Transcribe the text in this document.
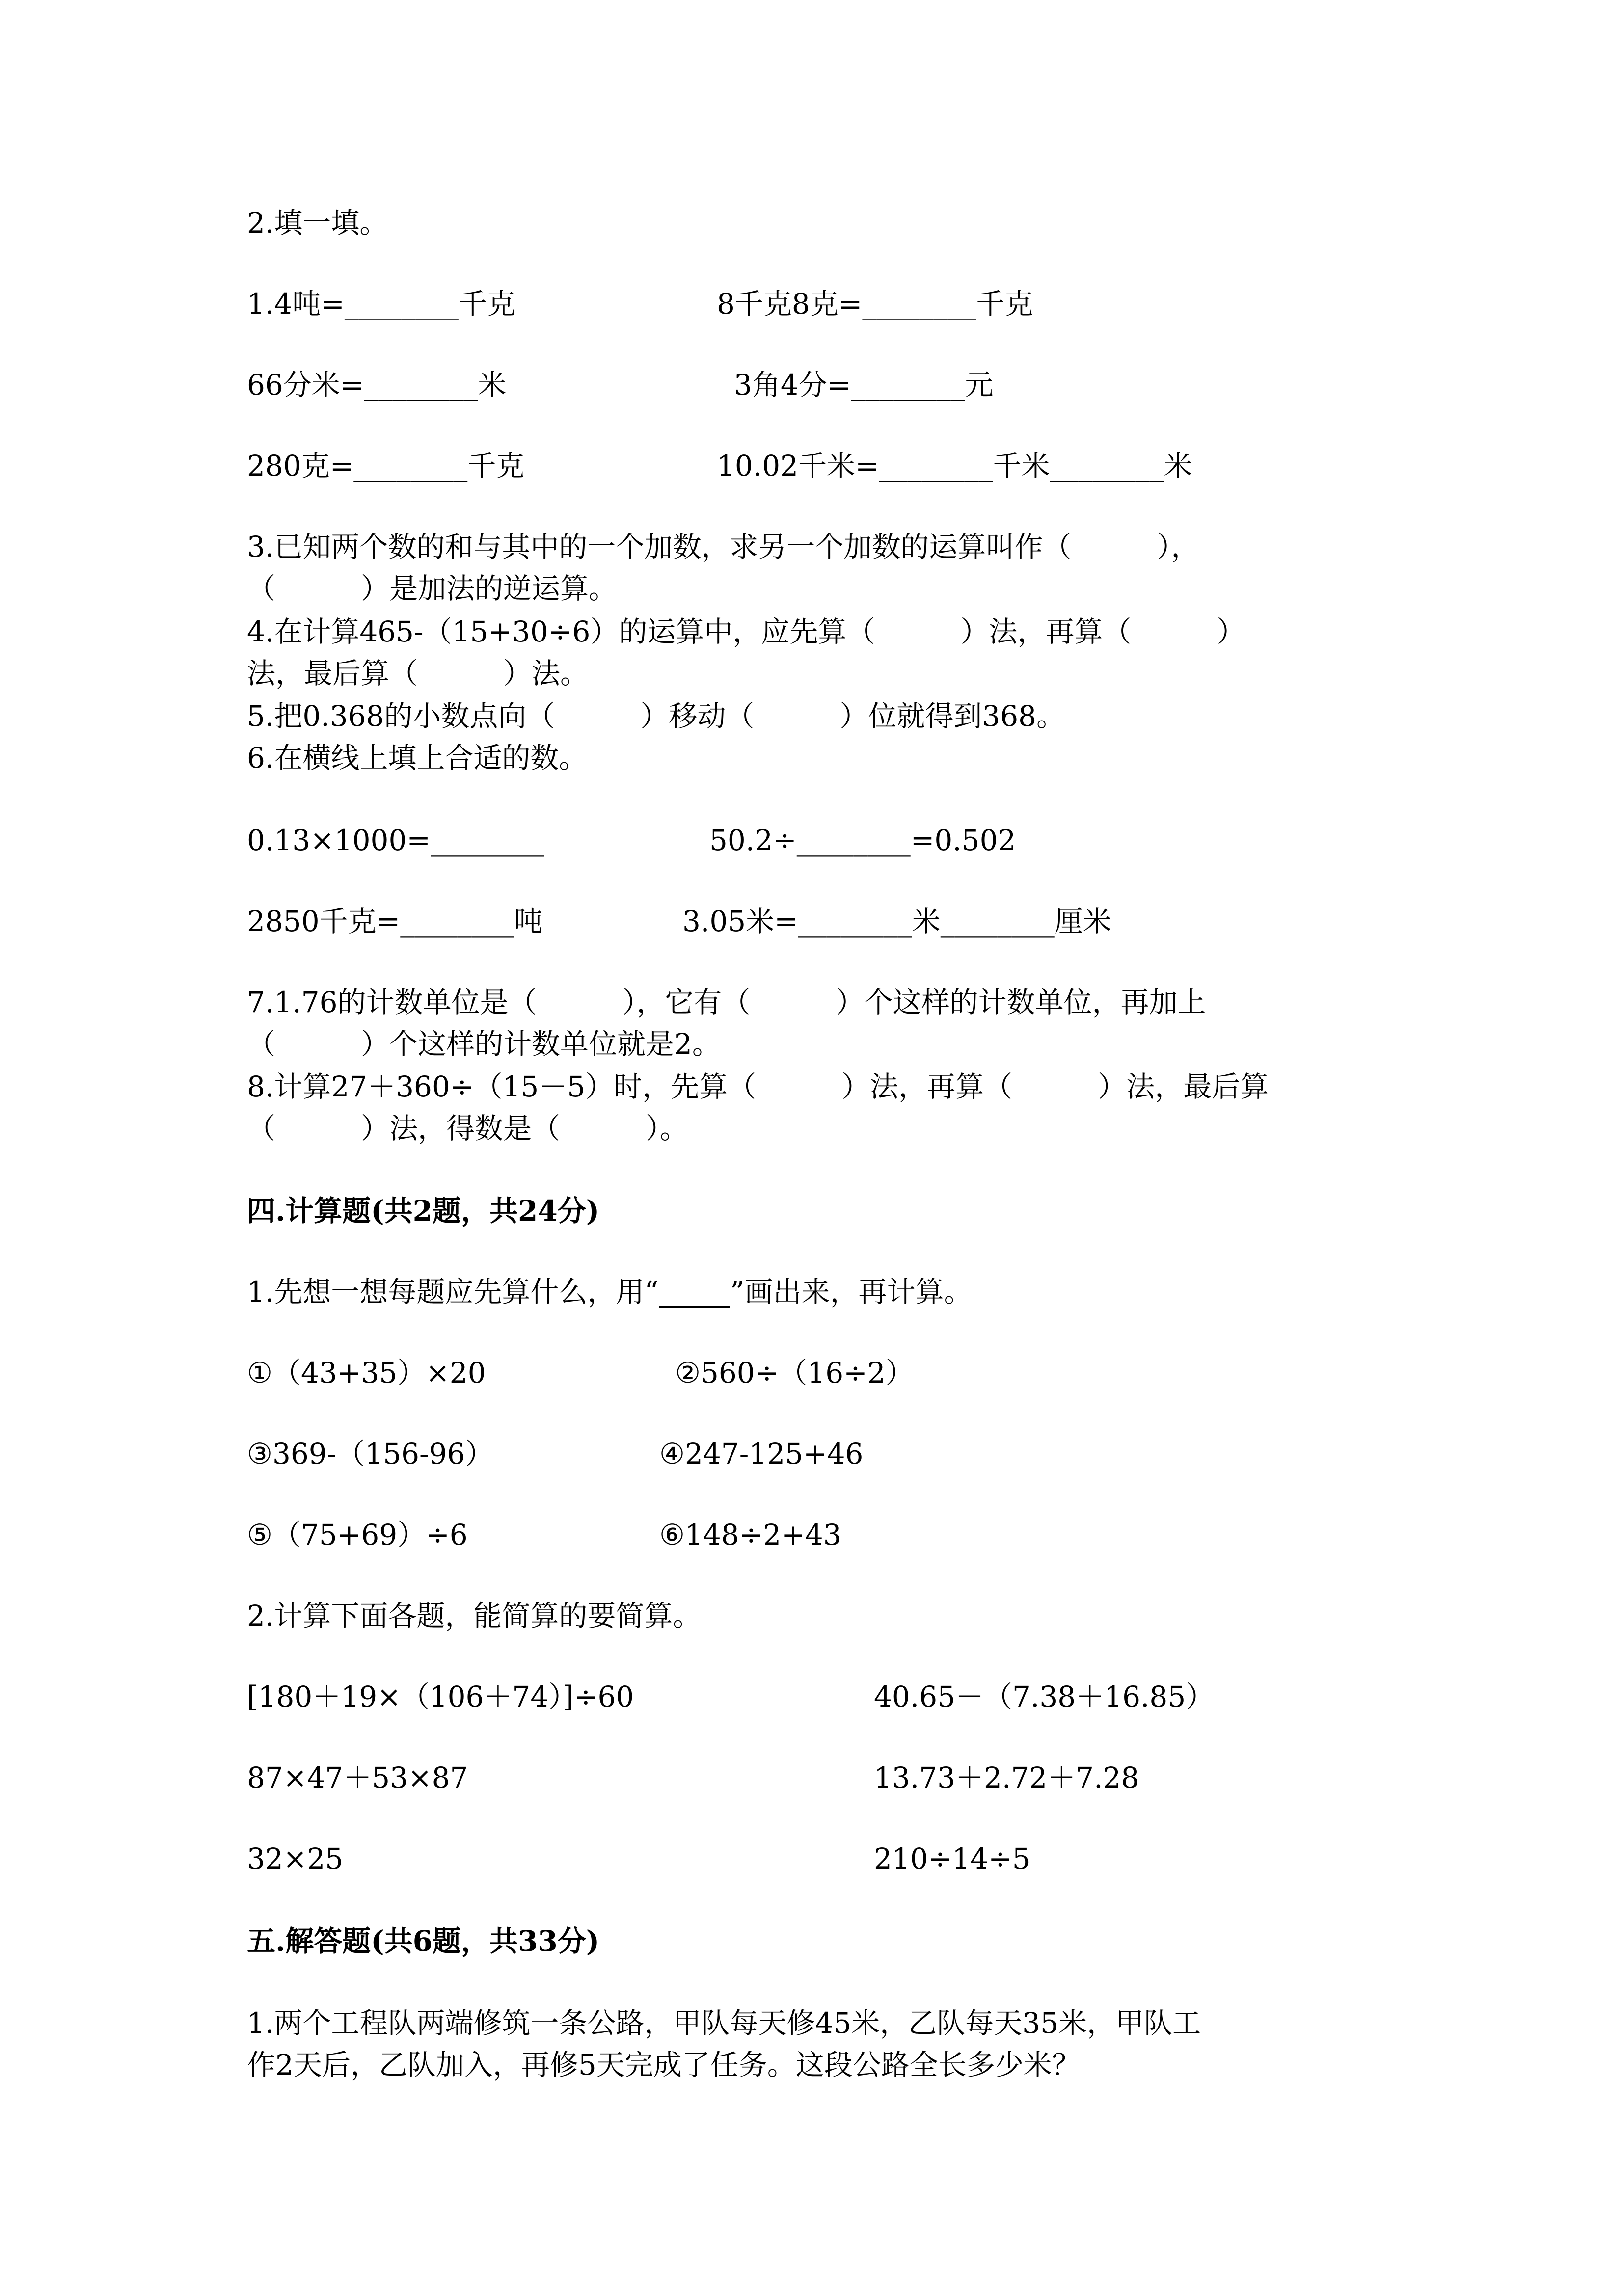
2.填一填。
1.4吨=________千克	8千克8克=________千克
66分米=________米	3角4分=________元
280克=________千克	10.02千米=________千米________米
3.已知两个数的和与其中的一个加数，求另一个加数的运算叫作（　　　），
（　　　）是加法的逆运算。
4.在计算465-（15+30÷6）的运算中，应先算（　　　）法，再算（　　　）
法，最后算（　　　）法。
5.把0.368的小数点向（　　　）移动（　　　）位就得到368。
6.在横线上填上合适的数。
0.13×1000=________	50.2÷________=0.502
2850千克=________吨	3.05米=________米________厘米
7.1.76的计数单位是（　　　），它有（　　　）个这样的计数单位，再加上
（　　　）个这样的计数单位就是2。
8.计算27＋360÷（15－5）时，先算（　　　）法，再算（　　　）法，最后算
（　　　）法，得数是（　　　）。
四.计算题(共2题，共24分)
1.先想一想每题应先算什么，用“	”画出来，再计算。
①（43+35）×20	②560÷（16÷2）
③369-（156-96）	④247-125+46
⑤（75+69）÷6	⑥148÷2+43
2.计算下面各题，能简算的要简算。
[180＋19×（106＋74）]÷60	40.65－（7.38＋16.85）
87×47＋53×87	13.73＋2.72＋7.28
32×25	210÷14÷5
五.解答题(共6题，共33分)
1.两个工程队两端修筑一条公路，甲队每天修45米，乙队每天35米，甲队工
作2天后，乙队加入，再修5天完成了任务。这段公路全长多少米？
